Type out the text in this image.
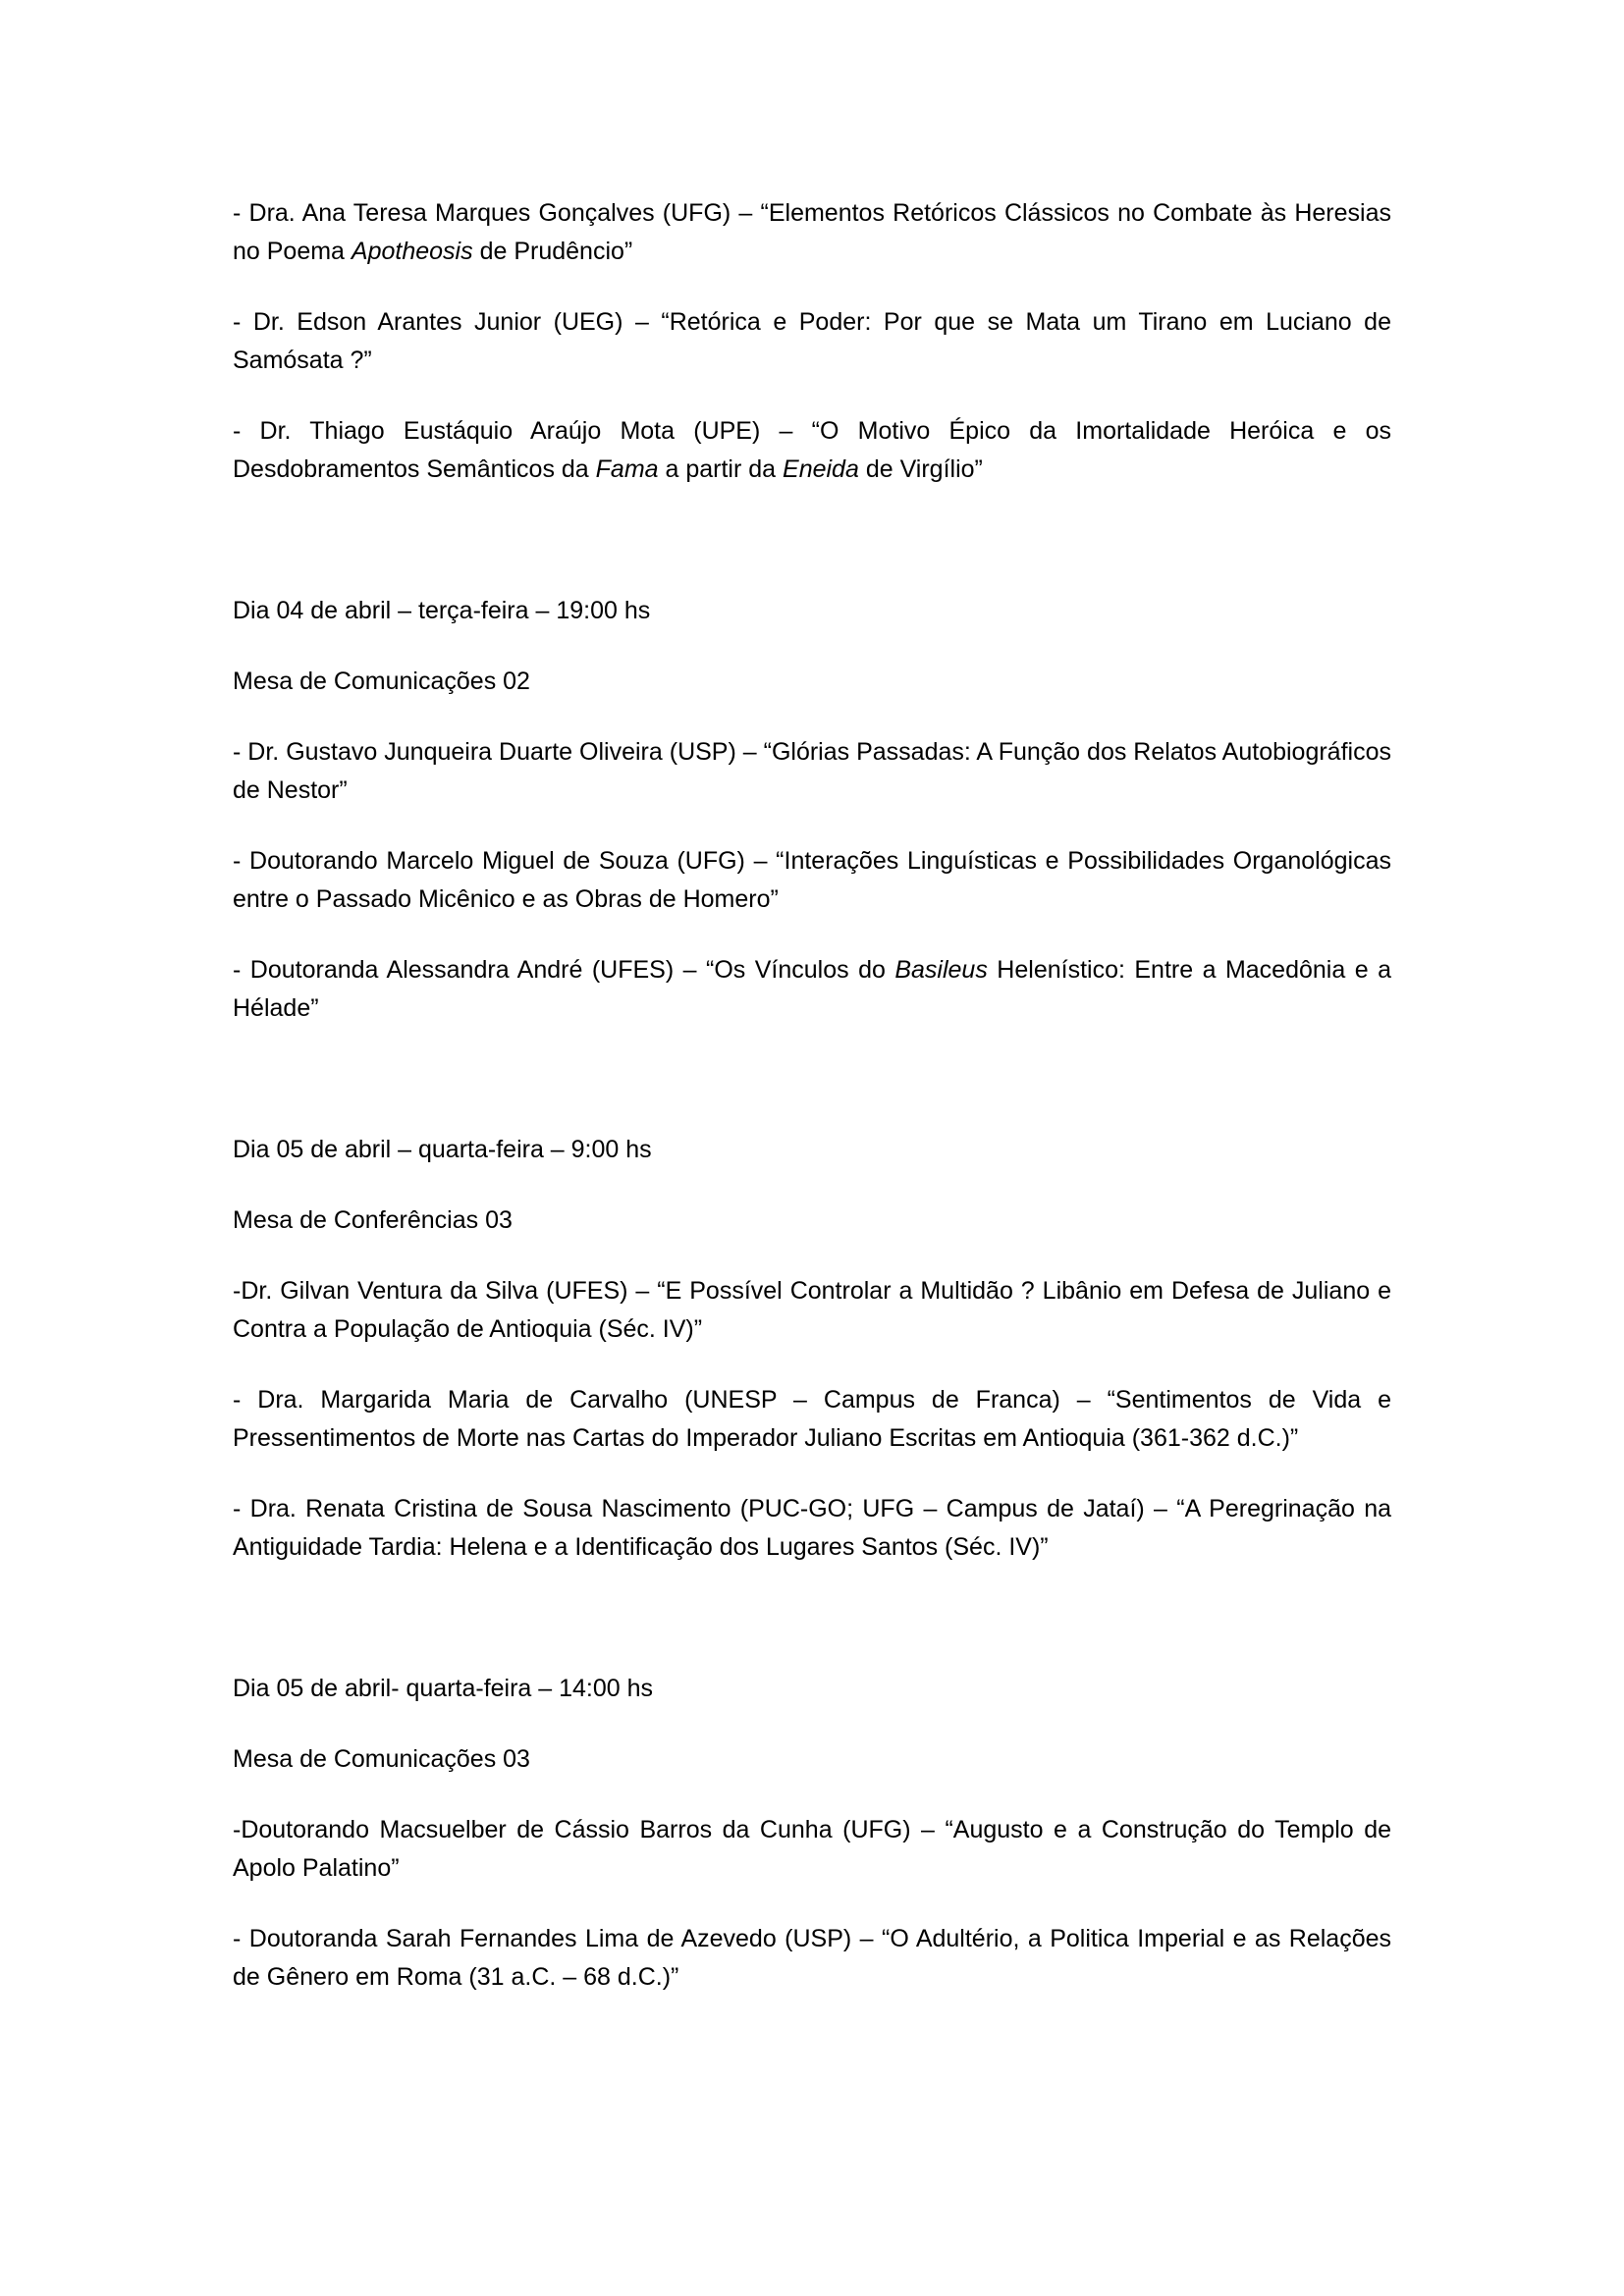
- Dra. Ana Teresa Marques Gonçalves (UFG) – “Elementos Retóricos Clássicos no Combate às Heresias no Poema Apotheosis de Prudêncio”

- Dr. Edson Arantes Junior (UEG) – “Retórica e Poder: Por que se Mata um Tirano em Luciano de Samósata ?”

- Dr. Thiago Eustáquio Araújo Mota (UPE) – “O Motivo Épico da Imortalidade Heróica e os Desdobramentos Semânticos da Fama a partir da Eneida de Virgílio”

Dia 04 de abril – terça-feira – 19:00 hs

Mesa de Comunicações 02

- Dr. Gustavo Junqueira Duarte Oliveira (USP) – “Glórias Passadas: A Função dos Relatos Autobiográficos de Nestor”

- Doutorando Marcelo Miguel de Souza (UFG) – “Interações Linguísticas e Possibilidades Organológicas entre o Passado Micênico e as Obras de Homero”

- Doutoranda Alessandra André (UFES) – “Os Vínculos do Basileus Helenístico: Entre a Macedônia e a Hélade”

Dia 05 de abril – quarta-feira – 9:00 hs

Mesa de Conferências 03

-Dr. Gilvan Ventura da Silva (UFES) – “E Possível Controlar a Multidão ? Libânio em Defesa de Juliano e Contra a População de Antioquia (Séc. IV)”

- Dra. Margarida Maria de Carvalho (UNESP – Campus de Franca) – “Sentimentos de Vida e Pressentimentos de Morte nas Cartas do Imperador Juliano Escritas em Antioquia (361-362 d.C.)”

- Dra. Renata Cristina de Sousa Nascimento (PUC-GO; UFG – Campus de Jataí) – “A Peregrinação na Antiguidade Tardia: Helena e a Identificação dos Lugares Santos (Séc. IV)”

Dia 05 de abril- quarta-feira – 14:00 hs

Mesa de Comunicações 03

-Doutorando Macsuelber de Cássio Barros da Cunha (UFG) – “Augusto e a Construção do Templo de Apolo Palatino”

- Doutoranda Sarah Fernandes Lima de Azevedo (USP) – “O Adultério, a Politica Imperial e as Relações de Gênero em Roma (31 a.C. – 68 d.C.)”
